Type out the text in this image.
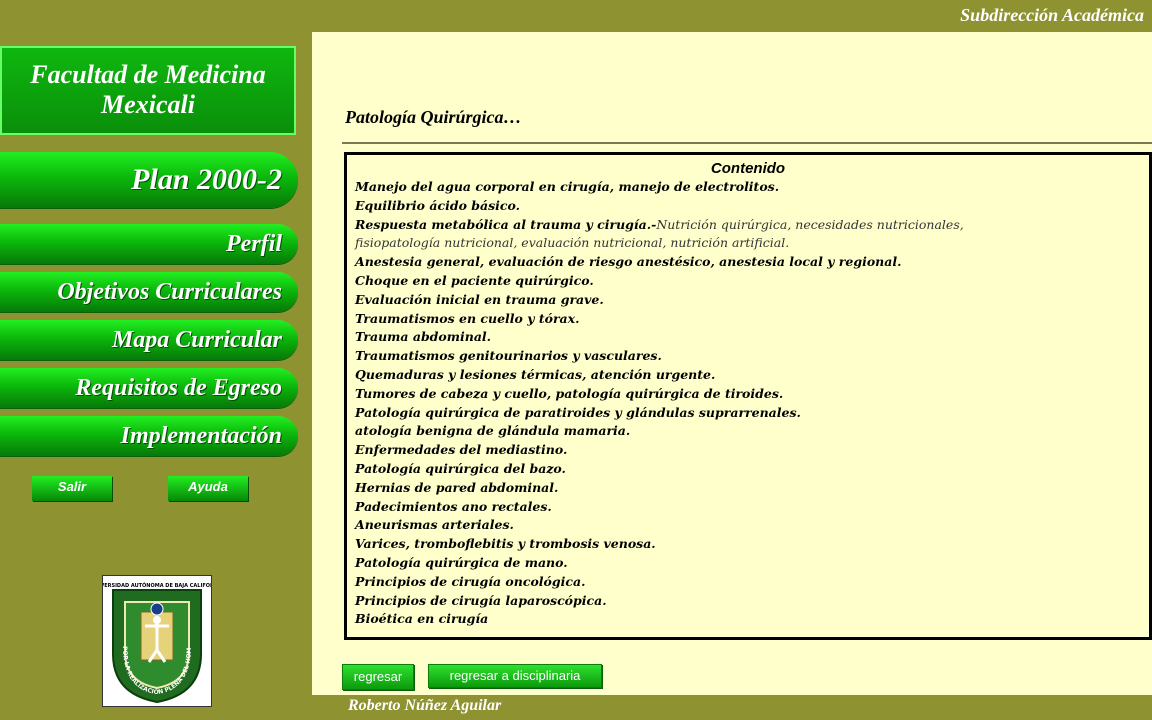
Facultad de Medicina
Mexicali
Plan 2000-2
Perfil
Objetivos Curriculares
Mapa Curricular
Requisitos de Egreso
Implementación
Salir	Ayuda
ERSIDAD AUTÓNOMA DE BAJA CALIFO
POR LA REALIZACIÓN PLENA DEL HOM
Subdirección Académica
Patología Quirúrgica…
Contenido
Manejo del agua corporal en cirugía, manejo de electrolitos.
Equilibrio ácido básico.
Respuesta metabólica al trauma y cirugía.-Nutrición quirúrgica, necesidades nutricionales,
fisiopatología nutricional, evaluación nutricional, nutrición artificial.
Anestesia general, evaluación de riesgo anestésico, anestesia local y regional.
Choque en el paciente quirúrgico.
Evaluación inicial en trauma grave.
Traumatismos en cuello y tórax.
Trauma abdominal.
Traumatismos genitourinarios y vasculares.
Quemaduras y lesiones térmicas, atención urgente.
Tumores de cabeza y cuello, patología quirúrgica de tiroides.
Patología quirúrgica de paratiroides y glándulas suprarrenales.
atología benigna de glándula mamaria.
Enfermedades del mediastino.
Patología quirúrgica del bazo.
Hernias de pared abdominal.
Padecimientos ano rectales.
Aneurismas arteriales.
Varices, tromboflebitis y trombosis venosa.
Patología quirúrgica de mano.
Principios de cirugía oncológica.
Principios de cirugía laparoscópica.
Bioética en cirugía
regresar	regresar a disciplinaria
Roberto Núñez Aguilar
